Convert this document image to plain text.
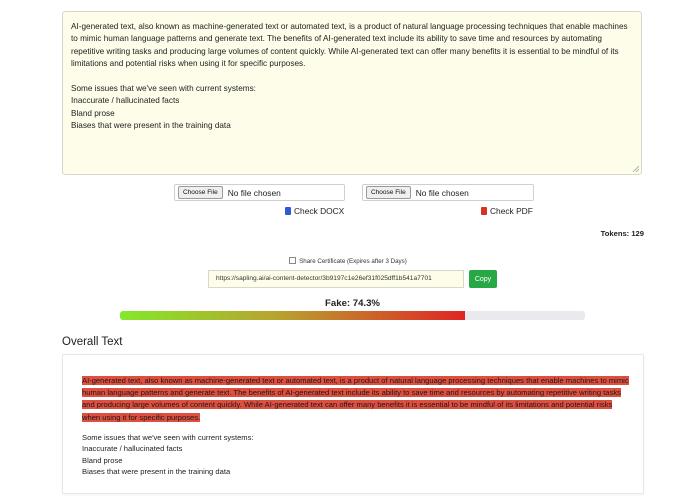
AI-generated text, also known as machine-generated text or automated text, is a product of natural language processing techniques that enable machines to mimic human language patterns and generate text. The benefits of AI-generated text include its ability to save time and resources by automating repetitive writing tasks and producing large volumes of content quickly. While AI-generated text can offer many benefits it is essential to be mindful of its limitations and potential risks when using it for specific purposes.

Some issues that we've seen with current systems:

Inaccurate / hallucinated facts

Bland prose

Biases that were present in the training data

Choose File	No file chosen
Check DOCX
Choose File	No file chosen
Check PDF
Tokens: 129
Share Certificate (Expires after 3 Days)
https://sapling.ai/ai-content-detector/3b9197c1e26ef31f025dff1b541a7701	Copy
Fake: 74.3%
Overall Text
AI-generated text, also known as machine-generated text or automated text, is a product of natural language processing techniques that enable machines to mimic human language patterns and generate text. The benefits of AI-generated text include its ability to save time and resources by automating repetitive writing tasks and producing large volumes of content quickly. While AI-generated text can offer many benefits it is essential to be mindful of its limitations and potential risks when using it for specific purposes.
Some issues that we've seen with current systems:
Inaccurate / hallucinated facts
Bland prose
Biases that were present in the training data
